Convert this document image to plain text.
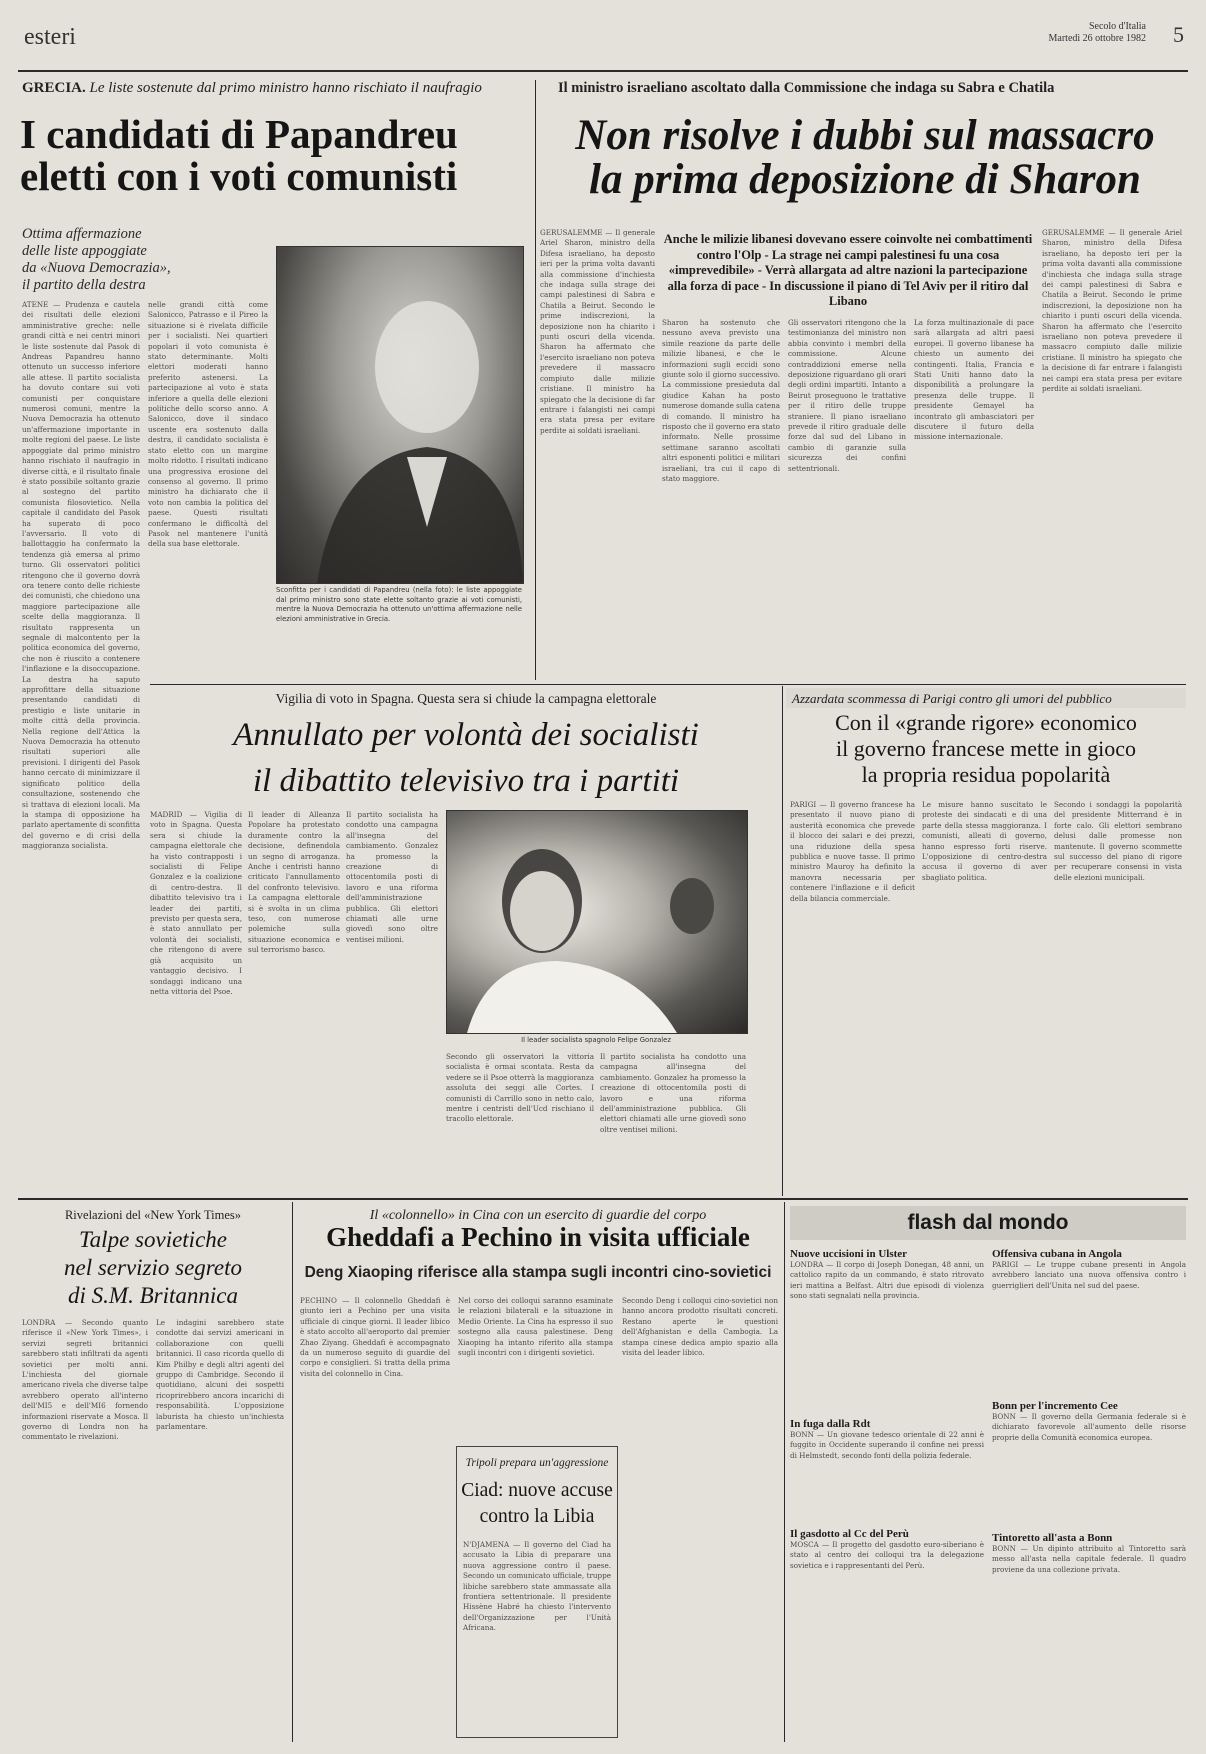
esteri	Secolo d'Italia
Martedì 26 ottobre 1982 5
GRECIA. Le liste sostenute dal primo ministro hanno rischiato il naufragio
I candidati di Papandreu
eletti con i voti comunisti
Ottima affermazione
delle liste appoggiate
da «Nuova Democrazia»,
il partito della destra
ATENE — Prudenza e cautela dei risultati delle elezioni amministrative greche: nelle grandi città e nei centri minori le liste sostenute dal Pasok di Andreas Papandreu hanno ottenuto un successo inferiore alle attese. Il partito socialista ha dovuto contare sui voti comunisti per conquistare numerosi comuni, mentre la Nuova Democrazia ha ottenuto un'affermazione importante in molte regioni del paese. Le liste appoggiate dal primo ministro hanno rischiato il naufragio in diverse città, e il risultato finale è stato possibile soltanto grazie al sostegno del partito comunista filosovietico. Nella capitale il candidato del Pasok ha superato di poco l'avversario. Il voto di ballottaggio ha confermato la tendenza già emersa al primo turno. Gli osservatori politici ritengono che il governo dovrà ora tenere conto delle richieste dei comunisti, che chiedono una maggiore partecipazione alle scelte della maggioranza. Il risultato rappresenta un segnale di malcontento per la politica economica del governo, che non è riuscito a contenere l'inflazione e la disoccupazione. La destra ha saputo approfittare della situazione presentando candidati di prestigio e liste unitarie in molte città della provincia. Nella regione dell'Attica la Nuova Democrazia ha ottenuto risultati superiori alle previsioni. I dirigenti del Pasok hanno cercato di minimizzare il significato politico della consultazione, sostenendo che si trattava di elezioni locali. Ma la stampa di opposizione ha parlato apertamente di sconfitta del governo e di crisi della maggioranza socialista.
nelle grandi città come Salonicco, Patrasso e il Pireo la situazione si è rivelata difficile per i socialisti. Nei quartieri popolari il voto comunista è stato determinante. Molti elettori moderati hanno preferito astenersi. La partecipazione al voto è stata inferiore a quella delle elezioni politiche dello scorso anno. A Salonicco, dove il sindaco uscente era sostenuto dalla destra, il candidato socialista è stato eletto con un margine molto ridotto. I risultati indicano una progressiva erosione del consenso al governo. Il primo ministro ha dichiarato che il voto non cambia la politica del paese. Questi risultati confermano le difficoltà del Pasok nel mantenere l'unità della sua base elettorale.
Sconfitta per i candidati di Papandreu (nella foto): le liste appoggiate dal primo ministro sono state elette soltanto grazie ai voti comunisti, mentre la Nuova Democrazia ha ottenuto un'ottima affermazione nelle elezioni amministrative in Grecia.
Il ministro israeliano ascoltato dalla Commissione che indaga su Sabra e Chatila
Non risolve i dubbi sul massacro
la prima deposizione di Sharon
GERUSALEMME — Il generale Ariel Sharon, ministro della Difesa israeliano, ha deposto ieri per la prima volta davanti alla commissione d'inchiesta che indaga sulla strage dei campi palestinesi di Sabra e Chatila a Beirut. Secondo le prime indiscrezioni, la deposizione non ha chiarito i punti oscuri della vicenda. Sharon ha affermato che l'esercito israeliano non poteva prevedere il massacro compiuto dalle milizie cristiane. Il ministro ha spiegato che la decisione di far entrare i falangisti nei campi era stata presa per evitare perdite ai soldati israeliani.
Anche le milizie libanesi dovevano essere coinvolte nei combattimenti contro l'Olp - La strage nei campi palestinesi fu una cosa «imprevedibile» - Verrà allargata ad altre nazioni la partecipazione alla forza di pace - In discussione il piano di Tel Aviv per il ritiro dal Libano
Sharon ha sostenuto che nessuno aveva previsto una simile reazione da parte delle milizie libanesi, e che le informazioni sugli eccidi sono giunte solo il giorno successivo. La commissione presieduta dal giudice Kahan ha posto numerose domande sulla catena di comando. Il ministro ha risposto che il governo era stato informato. Nelle prossime settimane saranno ascoltati altri esponenti politici e militari israeliani, tra cui il capo di stato maggiore.
Gli osservatori ritengono che la testimonianza del ministro non abbia convinto i membri della commissione. Alcune contraddizioni emerse nella deposizione riguardano gli orari degli ordini impartiti. Intanto a Beirut proseguono le trattative per il ritiro delle truppe straniere. Il piano israeliano prevede il ritiro graduale delle forze dal sud del Libano in cambio di garanzie sulla sicurezza dei confini settentrionali.
La forza multinazionale di pace sarà allargata ad altri paesi europei. Il governo libanese ha chiesto un aumento dei contingenti. Italia, Francia e Stati Uniti hanno dato la disponibilità a prolungare la presenza delle truppe. Il presidente Gemayel ha incontrato gli ambasciatori per discutere il futuro della missione internazionale.
GERUSALEMME — Il generale Ariel Sharon, ministro della Difesa israeliano, ha deposto ieri per la prima volta davanti alla commissione d'inchiesta che indaga sulla strage dei campi palestinesi di Sabra e Chatila a Beirut. Secondo le prime indiscrezioni, la deposizione non ha chiarito i punti oscuri della vicenda. Sharon ha affermato che l'esercito israeliano non poteva prevedere il massacro compiuto dalle milizie cristiane. Il ministro ha spiegato che la decisione di far entrare i falangisti nei campi era stata presa per evitare perdite ai soldati israeliani.
Vigilia di voto in Spagna. Questa sera si chiude la campagna elettorale
Annullato per volontà dei socialisti
il dibattito televisivo tra i partiti
MADRID — Vigilia di voto in Spagna. Questa sera si chiude la campagna elettorale che ha visto contrapposti i socialisti di Felipe Gonzalez e la coalizione di centro-destra. Il dibattito televisivo tra i leader dei partiti, previsto per questa sera, è stato annullato per volontà dei socialisti, che ritengono di avere già acquisito un vantaggio decisivo. I sondaggi indicano una netta vittoria del Psoe.
Il leader di Alleanza Popolare ha protestato duramente contro la decisione, definendola un segno di arroganza. Anche i centristi hanno criticato l'annullamento del confronto televisivo. La campagna elettorale si è svolta in un clima teso, con numerose polemiche sulla situazione economica e sul terrorismo basco.
Il partito socialista ha condotto una campagna all'insegna del cambiamento. Gonzalez ha promesso la creazione di ottocentomila posti di lavoro e una riforma dell'amministrazione pubblica. Gli elettori chiamati alle urne giovedì sono oltre ventisei milioni.
Il leader socialista spagnolo Felipe Gonzalez
Secondo gli osservatori la vittoria socialista è ormai scontata. Resta da vedere se il Psoe otterrà la maggioranza assoluta dei seggi alle Cortes. I comunisti di Carrillo sono in netto calo, mentre i centristi dell'Ucd rischiano il tracollo elettorale.
Il partito socialista ha condotto una campagna all'insegna del cambiamento. Gonzalez ha promesso la creazione di ottocentomila posti di lavoro e una riforma dell'amministrazione pubblica. Gli elettori chiamati alle urne giovedì sono oltre ventisei milioni.
Azzardata scommessa di Parigi contro gli umori del pubblico
Con il «grande rigore» economico
il governo francese mette in gioco
la propria residua popolarità
PARIGI — Il governo francese ha presentato il nuovo piano di austerità economica che prevede il blocco dei salari e dei prezzi, una riduzione della spesa pubblica e nuove tasse. Il primo ministro Mauroy ha definito la manovra necessaria per contenere l'inflazione e il deficit della bilancia commerciale.
Le misure hanno suscitato le proteste dei sindacati e di una parte della stessa maggioranza. I comunisti, alleati di governo, hanno espresso forti riserve. L'opposizione di centro-destra accusa il governo di aver sbagliato politica.
Secondo i sondaggi la popolarità del presidente Mitterrand è in forte calo. Gli elettori sembrano delusi dalle promesse non mantenute. Il governo scommette sul successo del piano di rigore per recuperare consensi in vista delle elezioni municipali.
Rivelazioni del «New York Times»
Talpe sovietiche
nel servizio segreto
di S.M. Britannica
LONDRA — Secondo quanto riferisce il «New York Times», i servizi segreti britannici sarebbero stati infiltrati da agenti sovietici per molti anni. L'inchiesta del giornale americano rivela che diverse talpe avrebbero operato all'interno dell'MI5 e dell'MI6 fornendo informazioni riservate a Mosca. Il governo di Londra non ha commentato le rivelazioni.
Le indagini sarebbero state condotte dai servizi americani in collaborazione con quelli britannici. Il caso ricorda quello di Kim Philby e degli altri agenti del gruppo di Cambridge. Secondo il quotidiano, alcuni dei sospetti ricoprirebbero ancora incarichi di responsabilità. L'opposizione laburista ha chiesto un'inchiesta parlamentare.
Il «colonnello» in Cina con un esercito di guardie del corpo
Gheddafi a Pechino in visita ufficiale
Deng Xiaoping riferisce alla stampa sugli incontri cino-sovietici
PECHINO — Il colonnello Gheddafi è giunto ieri a Pechino per una visita ufficiale di cinque giorni. Il leader libico è stato accolto all'aeroporto dal premier Zhao Ziyang. Gheddafi è accompagnato da un numeroso seguito di guardie del corpo e consiglieri. Si tratta della prima visita del colonnello in Cina.
Nel corso dei colloqui saranno esaminate le relazioni bilaterali e la situazione in Medio Oriente. La Cina ha espresso il suo sostegno alla causa palestinese. Deng Xiaoping ha intanto riferito alla stampa sugli incontri con i dirigenti sovietici.
Secondo Deng i colloqui cino-sovietici non hanno ancora prodotto risultati concreti. Restano aperte le questioni dell'Afghanistan e della Cambogia. La stampa cinese dedica ampio spazio alla visita del leader libico.
Tripoli prepara un'aggressione
Ciad: nuove accuse
contro la Libia
N'DJAMENA — Il governo del Ciad ha accusato la Libia di preparare una nuova aggressione contro il paese. Secondo un comunicato ufficiale, truppe libiche sarebbero state ammassate alla frontiera settentrionale. Il presidente Hissène Habré ha chiesto l'intervento dell'Organizzazione per l'Unità Africana.
flash dal mondo
Nuove uccisioni in Ulster
LONDRA — Il corpo di Joseph Donegan, 48 anni, un cattolico rapito da un commando, è stato ritrovato ieri mattina a Belfast. Altri due episodi di violenza sono stati segnalati nella provincia.
In fuga dalla Rdt
BONN — Un giovane tedesco orientale di 22 anni è fuggito in Occidente superando il confine nei pressi di Helmstedt, secondo fonti della polizia federale.
Il gasdotto al Cc del Perù
MOSCA — Il progetto del gasdotto euro-siberiano è stato al centro dei colloqui tra la delegazione sovietica e i rappresentanti del Perù.
Offensiva cubana in Angola
PARIGI — Le truppe cubane presenti in Angola avrebbero lanciato una nuova offensiva contro i guerriglieri dell'Unita nel sud del paese.
Bonn per l'incremento Cee
BONN — Il governo della Germania federale si è dichiarato favorevole all'aumento delle risorse proprie della Comunità economica europea.
Tintoretto all'asta a Bonn
BONN — Un dipinto attribuito al Tintoretto sarà messo all'asta nella capitale federale. Il quadro proviene da una collezione privata.
